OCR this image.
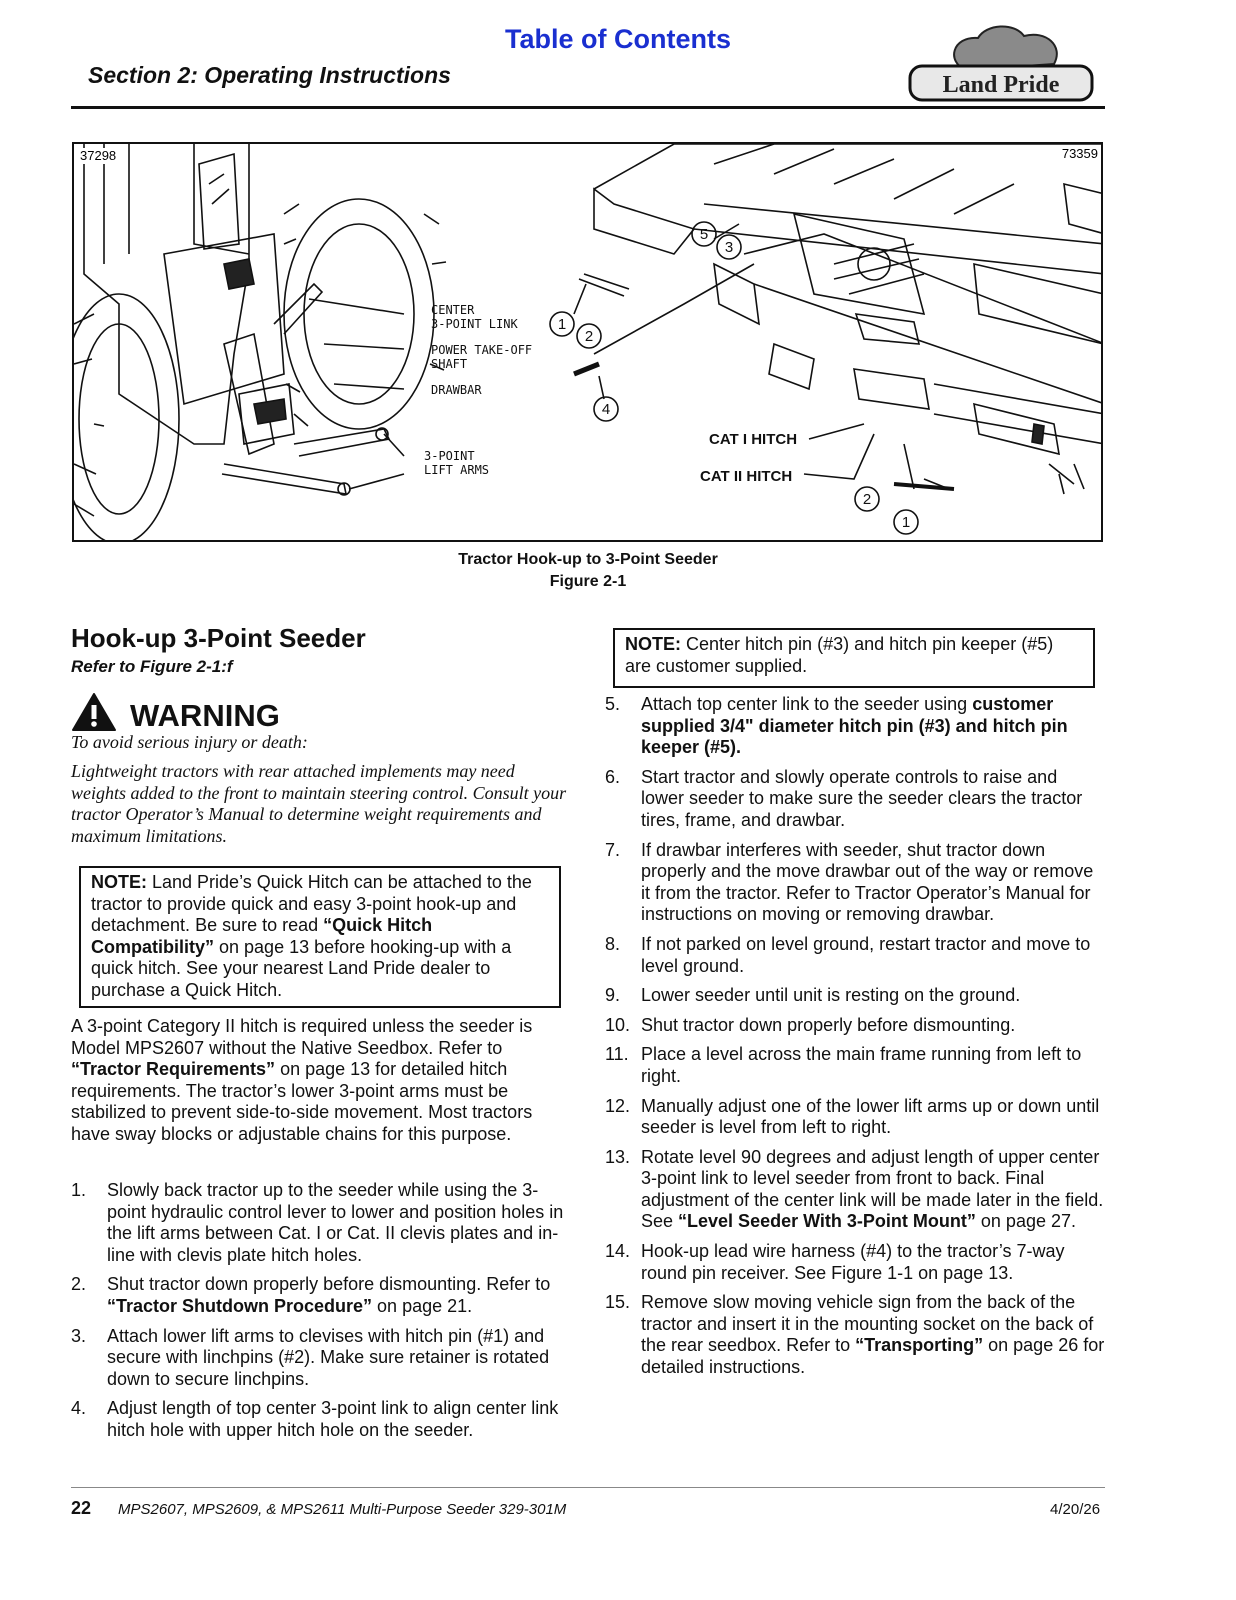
Table of Contents
Section 2: Operating Instructions	Land Pride
CENTER
3-POINT LINK
POWER TAKE-OFF
SHAFT
DRAWBAR
3-POINT
LIFT ARMS
5
3
1
2
4
2
1
CAT I HITCH
CAT II HITCH
37298	73359
Tractor Hook-up to 3-Point Seeder
Figure 2-1
Hook-up 3-Point Seeder
Refer to Figure 2-1:f
WARNING
To avoid serious injury or death:
Lightweight tractors with rear attached implements may need weights added to the front to maintain steering control. Consult your tractor Operator’s Manual to determine weight requirements and maximum limitations.
NOTE: Land Pride’s Quick Hitch can be attached to the tractor to provide quick and easy 3-point hook-up and detachment. Be sure to read “Quick Hitch Compatibility” on page 13 before hooking-up with a quick hitch. See your nearest Land Pride dealer to purchase a Quick Hitch.
A 3-point Category II hitch is required unless the seeder is Model MPS2607 without the Native Seedbox. Refer to “Tractor Requirements” on page 13 for detailed hitch requirements. The tractor’s lower 3-point arms must be stabilized to prevent side-to-side movement. Most tractors have sway blocks or adjustable chains for this purpose.
1. Slowly back tractor up to the seeder while using the 3-point hydraulic control lever to lower and position holes in the lift arms between Cat. I or Cat. II clevis plates and in-line with clevis plate hitch holes.
2. Shut tractor down properly before dismounting. Refer to “Tractor Shutdown Procedure” on page 21.
3. Attach lower lift arms to clevises with hitch pin (#1) and secure with linchpins (#2). Make sure retainer is rotated down to secure linchpins.
4. Adjust length of top center 3-point link to align center link hitch hole with upper hitch hole on the seeder.
NOTE: Center hitch pin (#3) and hitch pin keeper (#5) are customer supplied.
5. Attach top center link to the seeder using customer supplied 3/4" diameter hitch pin (#3) and hitch pin keeper (#5).
6. Start tractor and slowly operate controls to raise and lower seeder to make sure the seeder clears the tractor tires, frame, and drawbar.
7. If drawbar interferes with seeder, shut tractor down properly and the move drawbar out of the way or remove it from the tractor. Refer to Tractor Operator’s Manual for instructions on moving or removing drawbar.
8. If not parked on level ground, restart tractor and move to level ground.
9. Lower seeder until unit is resting on the ground.
10. Shut tractor down properly before dismounting.
11. Place a level across the main frame running from left to right.
12. Manually adjust one of the lower lift arms up or down until seeder is level from left to right.
13. Rotate level 90 degrees and adjust length of upper center 3-point link to level seeder from front to back. Final adjustment of the center link will be made later in the field. See “Level Seeder With 3-Point Mount” on page 27.
14. Hook-up lead wire harness (#4) to the tractor’s 7-way round pin receiver. See Figure 1-1 on page 13.
15. Remove slow moving vehicle sign from the back of the tractor and insert it in the mounting socket on the back of the rear seedbox. Refer to “Transporting” on page 26 for detailed instructions.
22 MPS2607, MPS2609, & MPS2611 Multi-Purpose Seeder 329-301M	4/20/26
